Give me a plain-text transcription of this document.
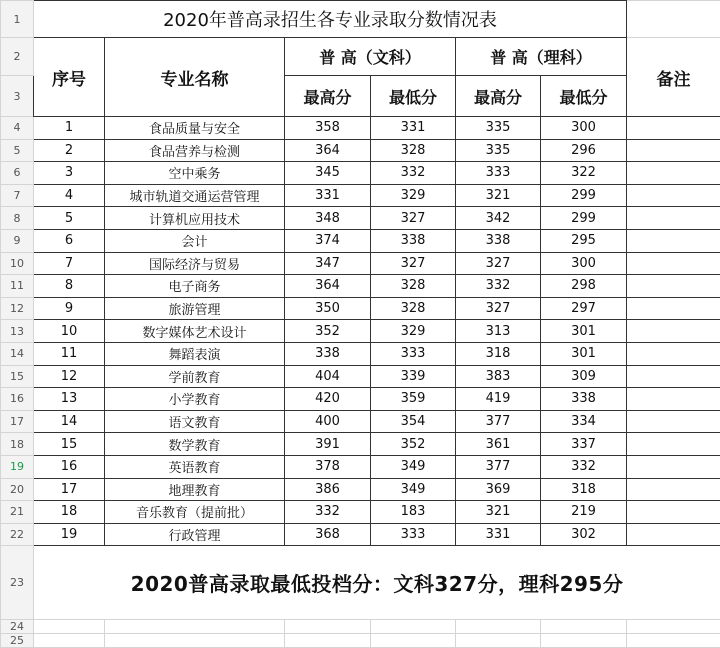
1	2020年普高录招生各专业录取分数情况表						
2	序号	专业名称	普 高（文科）		普 高（理科）		备注
3			最高分	最低分	最高分	最低分	
4	1	食品质量与安全	358	331	335	300	
5	2	食品营养与检测	364	328	335	296	
6	3	空中乘务	345	332	333	322	
7	4	城市轨道交通运营管理	331	329	321	299	
8	5	计算机应用技术	348	327	342	299	
9	6	会计	374	338	338	295	
10	7	国际经济与贸易	347	327	327	300	
11	8	电子商务	364	328	332	298	
12	9	旅游管理	350	328	327	297	
13	10	数字媒体艺术设计	352	329	313	301	
14	11	舞蹈表演	338	333	318	301	
15	12	学前教育	404	339	383	309	
16	13	小学教育	420	359	419	338	
17	14	语文教育	400	354	377	334	
18	15	数学教育	391	352	361	337	
19	16	英语教育	378	349	377	332	
20	17	地理教育	386	349	369	318	
21	18	音乐教育（提前批）	332	183	321	219	
22	19	行政管理	368	333	331	302	
23	2020普高录取最低投档分：文科327分，理科295分						
24							
25							
